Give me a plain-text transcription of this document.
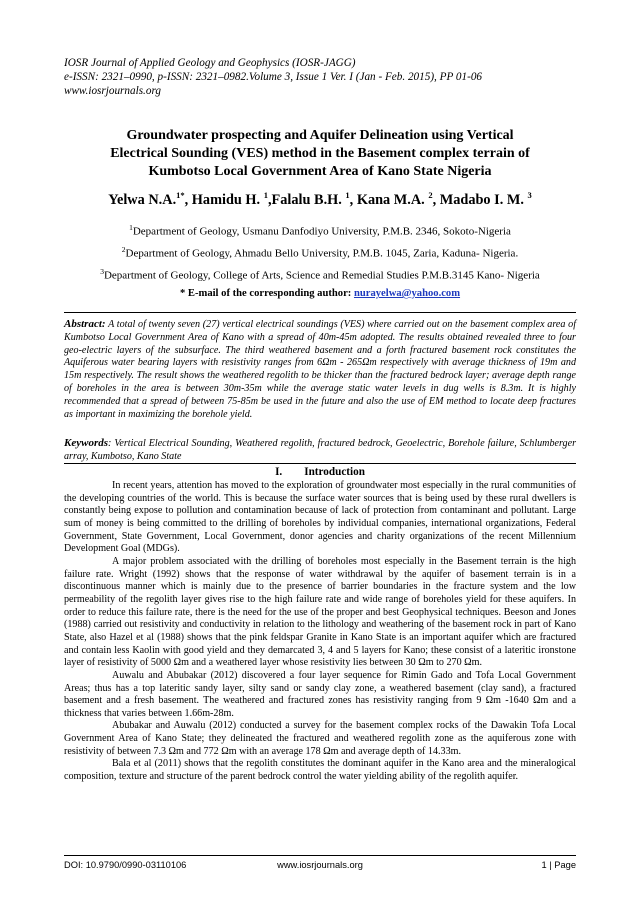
IOSR Journal of Applied Geology and Geophysics (IOSR-JAGG)
e-ISSN: 2321–0990, p-ISSN: 2321–0982.Volume 3, Issue 1 Ver. I (Jan - Feb. 2015), PP 01-06
www.iosrjournals.org
Groundwater prospecting and Aquifer Delineation using Vertical
Electrical Sounding (VES) method in the Basement complex terrain of
Kumbotso Local Government Area of Kano State Nigeria
Yelwa N.A.$^{1*}$, Hamidu H. $^1$,Falalu B.H. $^1$, Kana M.A. $^2$, Madabo I. M. $^3$
$^1$Department of Geology, Usmanu Danfodiyo University, P.M.B. 2346, Sokoto-Nigeria
$^2$Department of Geology, Ahmadu Bello University, P.M.B. 1045, Zaria, Kaduna- Nigeria.
$^3$Department of Geology, College of Arts, Science and Remedial Studies P.M.B.3145 Kano- Nigeria
* E-mail of the corresponding author: nurayelwa@yahoo.com
Abstract: A total of twenty seven (27) vertical electrical soundings (VES) where carried out on the basement complex area of Kumbotso Local Government Area of Kano with a spread of 40m-45m adopted. The results obtained revealed three to four geo-electric layers of the subsurface. The third weathered basement and a forth fractured basement rock constitutes the Aquiferous water bearing layers with resistivity ranges from 6Ωm - 265Ωm respectively with average thickness of 19m and 15m respectively. The result shows the weathered regolith to be thicker than the fractured bedrock layer; average depth range of boreholes in the area is between 30m-35m while the average static water levels in dug wells is 8.3m. It is highly recommended that a spread of between 75-85m be used in the future and also the use of EM method to locate deep fractures as important in maximizing the borehole yield.
Keywords: Vertical Electrical Sounding, Weathered regolith, fractured bedrock, Geoelectric, Borehole failure, Schlumberger array, Kumbotso, Kano State
I. Introduction

In recent years, attention has moved to the exploration of groundwater most especially in the rural communities of the developing countries of the world. This is because the surface water sources that is being used by these rural dwellers is constantly being expose to pollution and contamination because of lack of protection from contaminant and pollutant. Large sum of money is being committed to the drilling of boreholes by individual companies, international organizations, Federal Government, State Government, Local Government, donor agencies and charity organizations of the recent Millennium Development Goal (MDGs).

A major problem associated with the drilling of boreholes most especially in the Basement terrain is the high failure rate. Wright (1992) shows that the response of water withdrawal by the aquifer of basement terrain is in a discontinuous manner which is mainly due to the presence of barrier boundaries in the fracture system and the low permeability of the regolith layer gives rise to the high failure rate and wide range of boreholes yield for these aquifers. In order to reduce this failure rate, there is the need for the use of the proper and best Geophysical techniques. Beeson and Jones (1988) carried out resistivity and conductivity in relation to the lithology and weathering of the basement rock in part of Kano State, also Hazel et al (1988) shows that the pink feldspar Granite in Kano State is an important aquifer which are fractured and contain less Kaolin with good yield and they demarcated 3, 4 and 5 layers for Kano; these consist of a lateritic ironstone layer of resistivity of 5000 Ωm and a weathered layer whose resistivity lies between 30 Ωm to 270 Ωm.

Auwalu and Abubakar (2012) discovered a four layer sequence for Rimin Gado and Tofa Local Government Areas; thus has a top lateritic sandy layer, silty sand or sandy clay zone, a weathered basement (clay sand), a fractured basement and a fresh basement. The weathered and fractured zones has resistivity ranging from 9 Ωm -1640 Ωm and a thickness that varies between 1.66m-28m.

Abubakar and Auwalu (2012) conducted a survey for the basement complex rocks of the Dawakin Tofa Local Government Area of Kano State; they delineated the fractured and weathered regolith zone as the aquiferous zone with resistivity of between 7.3 Ωm and 772 Ωm with an average 178 Ωm and average depth of 14.33m.

Bala et al (2011) shows that the regolith constitutes the dominant aquifer in the Kano area and the mineralogical composition, texture and structure of the parent bedrock control the water yielding ability of the regolith aquifer.

DOI: 10.9790/0990-03110106	www.iosrjournals.org	1 | Page
